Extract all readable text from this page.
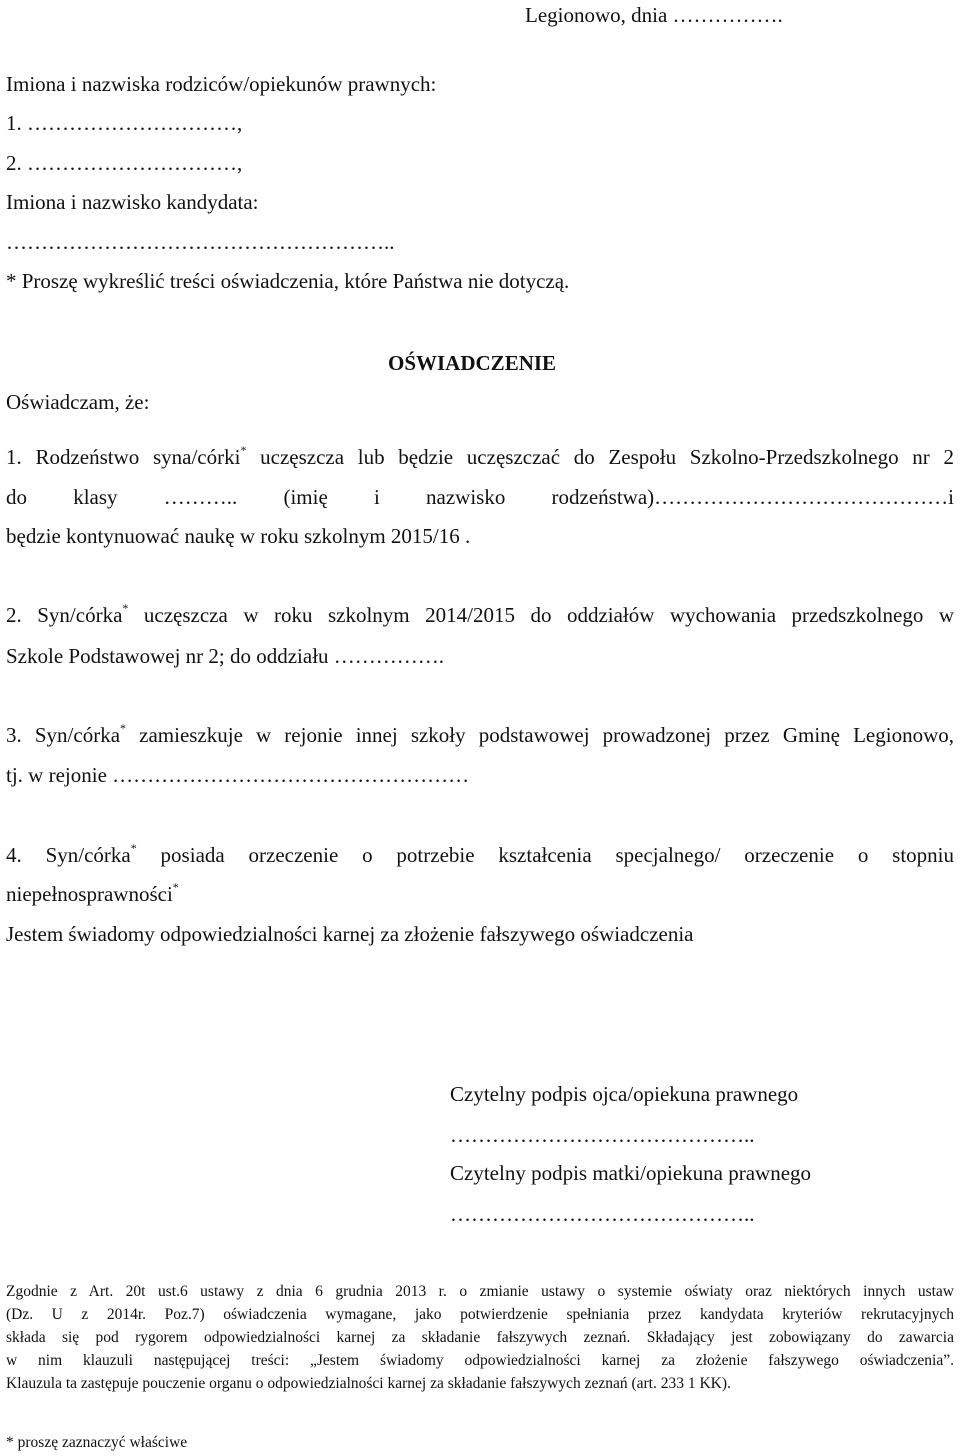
Legionowo, dnia …………….
Imiona i nazwiska rodziców/opiekunów prawnych:
1. …………………………,
2. …………………………,
Imiona i nazwisko kandydata:
………………………………………………..
* Proszę wykreślić treści oświadczenia, które Państwa nie dotyczą.
OŚWIADCZENIE
Oświadczam, że:
1. Rodzeństwo syna/córki* uczęszcza lub będzie uczęszczać do Zespołu Szkolno-Przedszkolnego nr 2
do klasy ……….. (imię i nazwisko rodzeństwa)……………………………………i
będzie kontynuować naukę w roku szkolnym 2015/16 .
2. Syn/córka* uczęszcza w roku szkolnym 2014/2015 do oddziałów wychowania przedszkolnego w
Szkole Podstawowej nr 2; do oddziału …………….
3. Syn/córka* zamieszkuje w rejonie innej szkoły podstawowej prowadzonej przez Gminę Legionowo,
tj. w rejonie ……………………………………………
4. Syn/córka* posiada orzeczenie o potrzebie kształcenia specjalnego/ orzeczenie o stopniu
niepełnosprawności*
Jestem świadomy odpowiedzialności karnej za złożenie fałszywego oświadczenia
Czytelny podpis ojca/opiekuna prawnego
……………………………………..
Czytelny podpis matki/opiekuna prawnego
……………………………………..
Zgodnie z Art. 20t ust.6 ustawy z dnia 6 grudnia 2013 r. o zmianie ustawy o systemie oświaty oraz niektórych innych ustaw
(Dz. U z 2014r. Poz.7) oświadczenia wymagane, jako potwierdzenie spełniania przez kandydata kryteriów rekrutacyjnych
składa się pod rygorem odpowiedzialności karnej za składanie fałszywych zeznań. Składający jest zobowiązany do zawarcia
w nim klauzuli następującej treści: „Jestem świadomy odpowiedzialności karnej za złożenie fałszywego oświadczenia”.
Klauzula ta zastępuje pouczenie organu o odpowiedzialności karnej za składanie fałszywych zeznań (art. 233 1 KK).
* proszę zaznaczyć właściwe
